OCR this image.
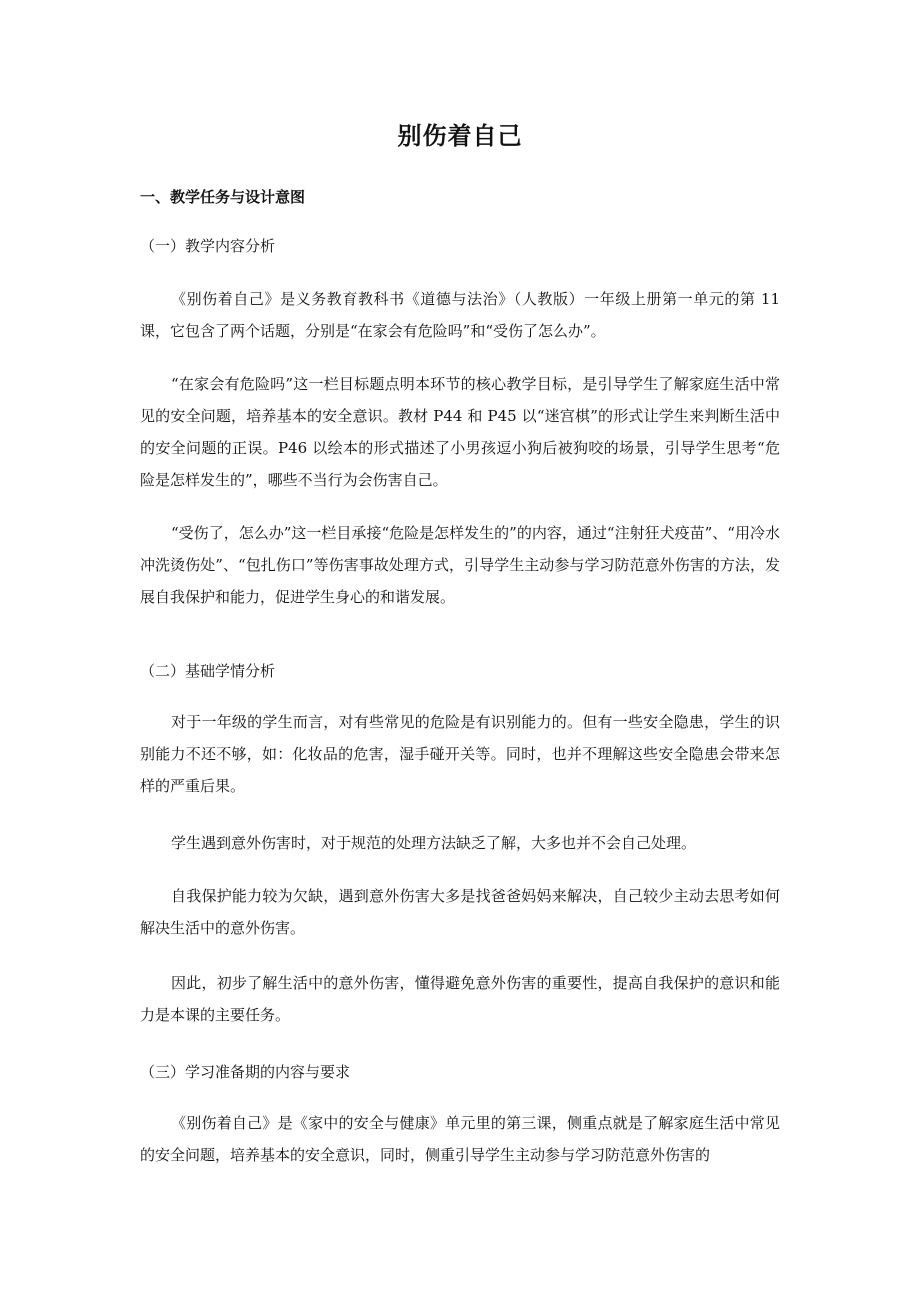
别伤着自己
一、教学任务与设计意图
（一）教学内容分析

《别伤着自己》是义务教育教科书《道德与法治》（人教版）一年级上册第一单元的第 11 课，它包含了两个话题，分别是“在家会有危险吗”和“受伤了怎么办”。

“在家会有危险吗”这一栏目标题点明本环节的核心教学目标，是引导学生了解家庭生活中常见的安全问题，培养基本的安全意识。教材 P44 和 P45 以“迷宫棋”的形式让学生来判断生活中的安全问题的正误。P46 以绘本的形式描述了小男孩逗小狗后被狗咬的场景，引导学生思考“危险是怎样发生的”，哪些不当行为会伤害自己。

“受伤了，怎么办”这一栏目承接“危险是怎样发生的”的内容，通过“注射狂犬疫苗”、“用冷水冲洗烫伤处”、“包扎伤口”等伤害事故处理方式，引导学生主动参与学习防范意外伤害的方法，发展自我保护和能力，促进学生身心的和谐发展。

（二）基础学情分析

对于一年级的学生而言，对有些常见的危险是有识别能力的。但有一些安全隐患，学生的识别能力不还不够，如：化妆品的危害，湿手碰开关等。同时，也并不理解这些安全隐患会带来怎样的严重后果。

学生遇到意外伤害时，对于规范的处理方法缺乏了解，大多也并不会自己处理。

自我保护能力较为欠缺，遇到意外伤害大多是找爸爸妈妈来解决，自己较少主动去思考如何解决生活中的意外伤害。

因此，初步了解生活中的意外伤害，懂得避免意外伤害的重要性，提高自我保护的意识和能力是本课的主要任务。

（三）学习准备期的内容与要求

《别伤着自己》是《家中的安全与健康》单元里的第三课，侧重点就是了解家庭生活中常见的安全问题，培养基本的安全意识，同时，侧重引导学生主动参与学习防范意外伤害的
